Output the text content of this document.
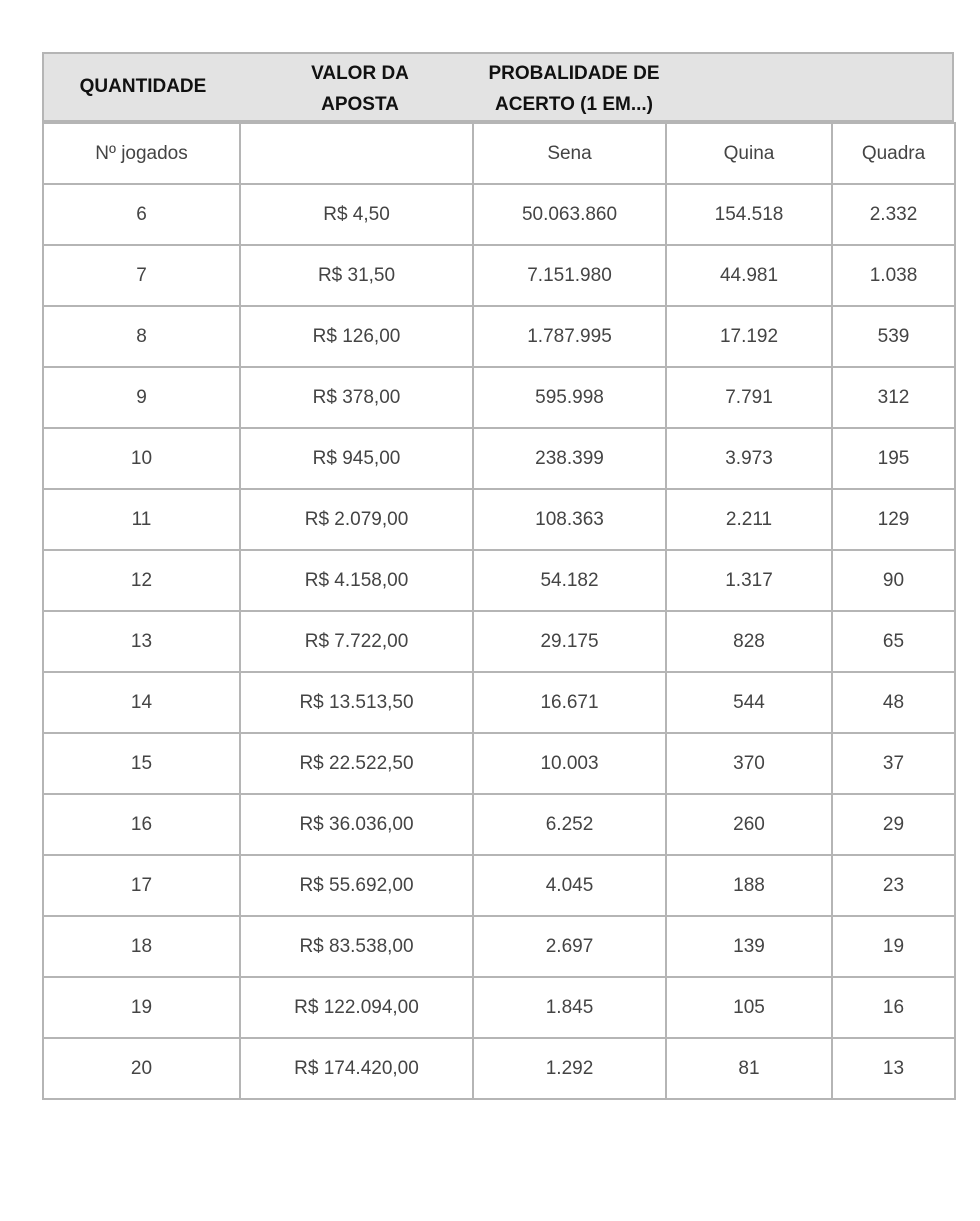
QUANTIDADE
VALOR DA
APOSTA
PROBALIDADE DE
ACERTO (1 EM...)
Nº jogados		Sena	Quina	Quadra
6	R$ 4,50	50.063.860	154.518	2.332
7	R$ 31,50	7.151.980	44.981	1.038
8	R$ 126,00	1.787.995	17.192	539
9	R$ 378,00	595.998	7.791	312
10	R$ 945,00	238.399	3.973	195
11	R$ 2.079,00	108.363	2.211	129
12	R$ 4.158,00	54.182	1.317	90
13	R$ 7.722,00	29.175	828	65
14	R$ 13.513,50	16.671	544	48
15	R$ 22.522,50	10.003	370	37
16	R$ 36.036,00	6.252	260	29
17	R$ 55.692,00	4.045	188	23
18	R$ 83.538,00	2.697	139	19
19	R$ 122.094,00	1.845	105	16
20	R$ 174.420,00	1.292	81	13
